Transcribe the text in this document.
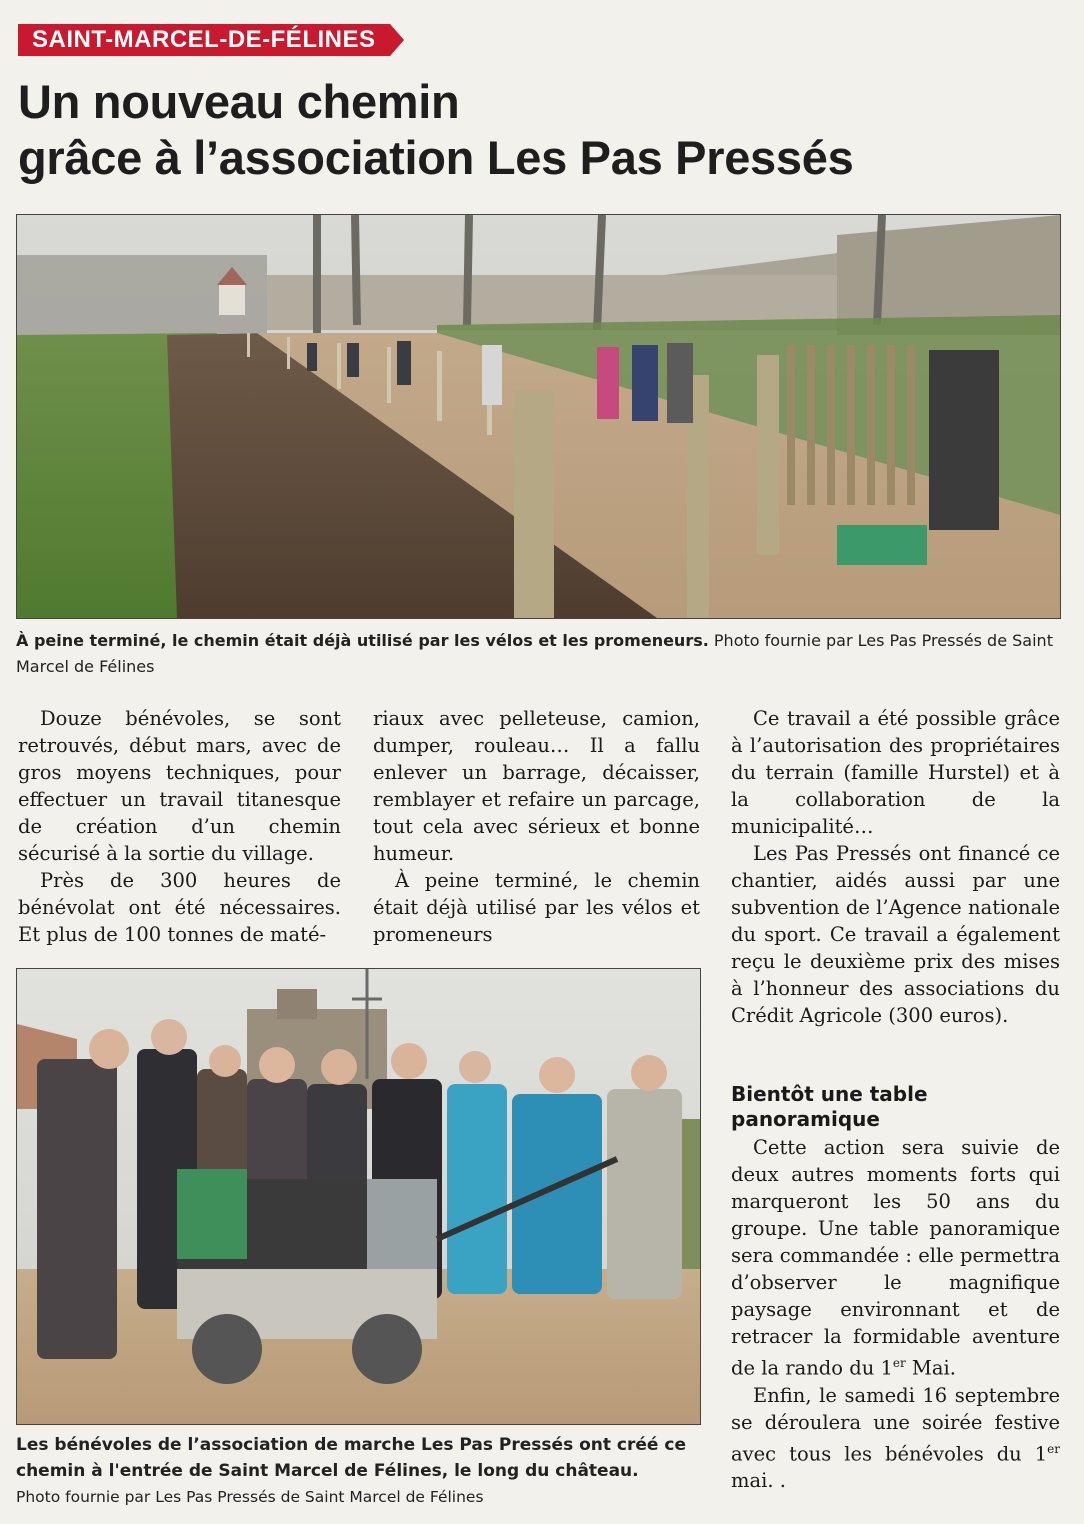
SAINT-MARCEL-DE-FÉLINES
Un nouveau chemin
grâce à l’association Les Pas Pressés
À peine terminé, le chemin était déjà utilisé par les vélos et les promeneurs. Photo fournie par Les Pas Pressés de Saint Marcel de Félines

Douze bénévoles, se sont retrouvés, début mars, avec de gros moyens techniques, pour effectuer un travail titanesque de création d’un chemin sécurisé à la sortie du village.

Près de 300 heures de bénévolat ont été nécessaires. Et plus de 100 tonnes de maté-

riaux avec pelleteuse, camion, dumper, rouleau… Il a fallu enlever un barrage, décaisser, remblayer et refaire un parcage, tout cela avec sérieux et bonne humeur.

À peine terminé, le chemin était déjà utilisé par les vélos et promeneurs

Ce travail a été possible grâce à l’autorisation des propriétaires du terrain (famille Hurstel) et à la collaboration de la municipalité…

Les Pas Pressés ont financé ce chantier, aidés aussi par une subvention de l’Agence nationale du sport. Ce travail a également reçu le deuxième prix des mises à l’honneur des associations du Crédit Agricole (300 euros).

Bientôt une table panoramique

Cette action sera suivie de deux autres moments forts qui marqueront les 50 ans du groupe. Une table panoramique sera commandée : elle permettra d’observer le magnifique paysage environnant et de retracer la formidable aventure de la rando du 1er Mai.

Enfin, le samedi 16 septembre se déroulera une soirée festive avec tous les bénévoles du 1er mai. .

Les bénévoles de l’association de marche Les Pas Pressés ont créé ce chemin à l'entrée de Saint Marcel de Félines, le long du château.
Photo fournie par Les Pas Pressés de Saint Marcel de Félines
